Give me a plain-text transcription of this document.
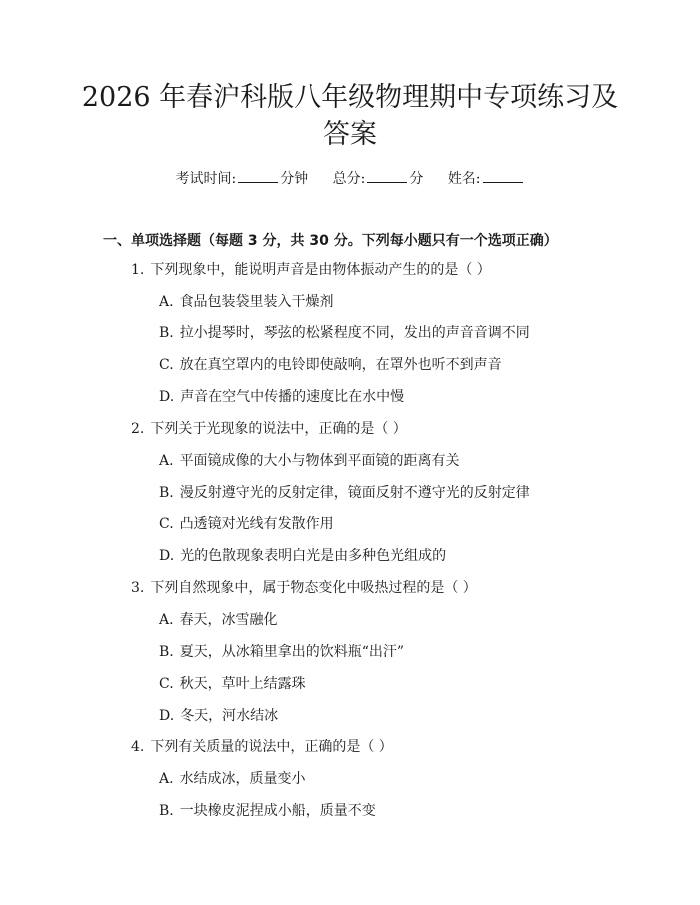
2026 年春沪科版八年级物理期中专项练习及
答案
考试时间:	分钟 总分:	分 姓名:
一、单项选择题（每题 3 分，共 30 分。下列每小题只有一个选项正确）
1. 下列现象中，能说明声音是由物体振动产生的的是（ ）
A. 食品包装袋里装入干燥剂
B. 拉小提琴时，琴弦的松紧程度不同，发出的声音音调不同
C. 放在真空罩内的电铃即使敲响，在罩外也听不到声音
D. 声音在空气中传播的速度比在水中慢
2. 下列关于光现象的说法中，正确的是（ ）
A. 平面镜成像的大小与物体到平面镜的距离有关
B. 漫反射遵守光的反射定律，镜面反射不遵守光的反射定律
C. 凸透镜对光线有发散作用
D. 光的色散现象表明白光是由多种色光组成的
3. 下列自然现象中，属于物态变化中吸热过程的是（ ）
A. 春天，冰雪融化
B. 夏天，从冰箱里拿出的饮料瓶“出汗”
C. 秋天，草叶上结露珠
D. 冬天，河水结冰
4. 下列有关质量的说法中，正确的是（ ）
A. 水结成冰，质量变小
B. 一块橡皮泥捏成小船，质量不变
